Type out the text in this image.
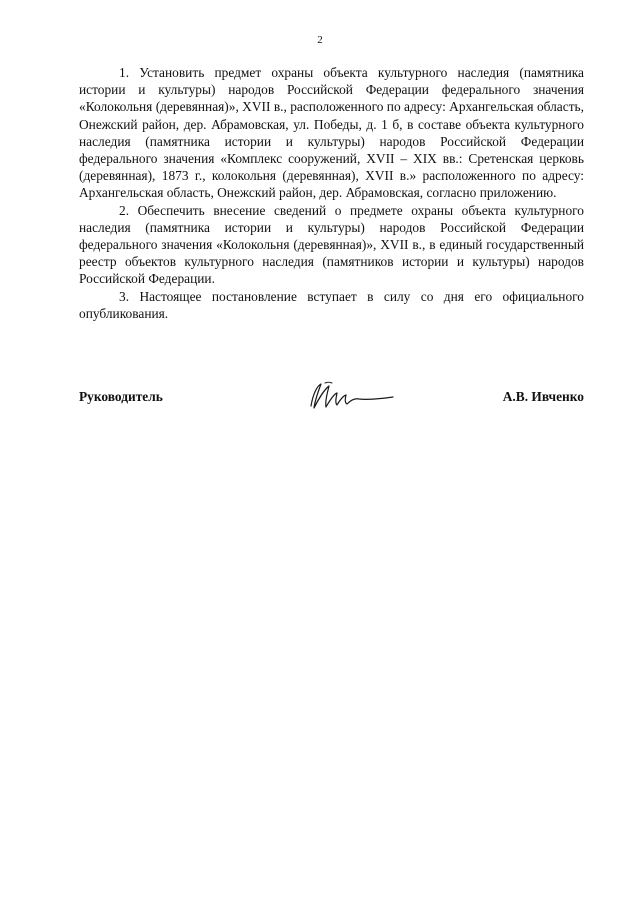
2

1. Установить предмет охраны объекта культурного наследия (памятника истории и культуры) народов Российской Федерации федерального значения «Колокольня (деревянная)», XVII в., расположенного по адресу: Архангельская область, Онежский район, дер. Абрамовская, ул. Победы, д. 1 б, в составе объекта культурного наследия (памятника истории и культуры) народов Российской Федерации федерального значения «Комплекс сооружений, XVII – XIX вв.: Сретенская церковь (деревянная), 1873 г., колокольня (деревянная), XVII в.» расположенного по адресу: Архангельская область, Онежский район, дер. Абрамовская, согласно приложению.

2. Обеспечить внесение сведений о предмете охраны объекта культурного наследия (памятника истории и культуры) народов Российской Федерации федерального значения «Колокольня (деревянная)», XVII в., в единый государственный реестр объектов культурного наследия (памятников истории и культуры) народов Российской Федерации.

3. Настоящее постановление вступает в силу со дня его официального опубликования.

Руководитель	А.В. Ивченко
